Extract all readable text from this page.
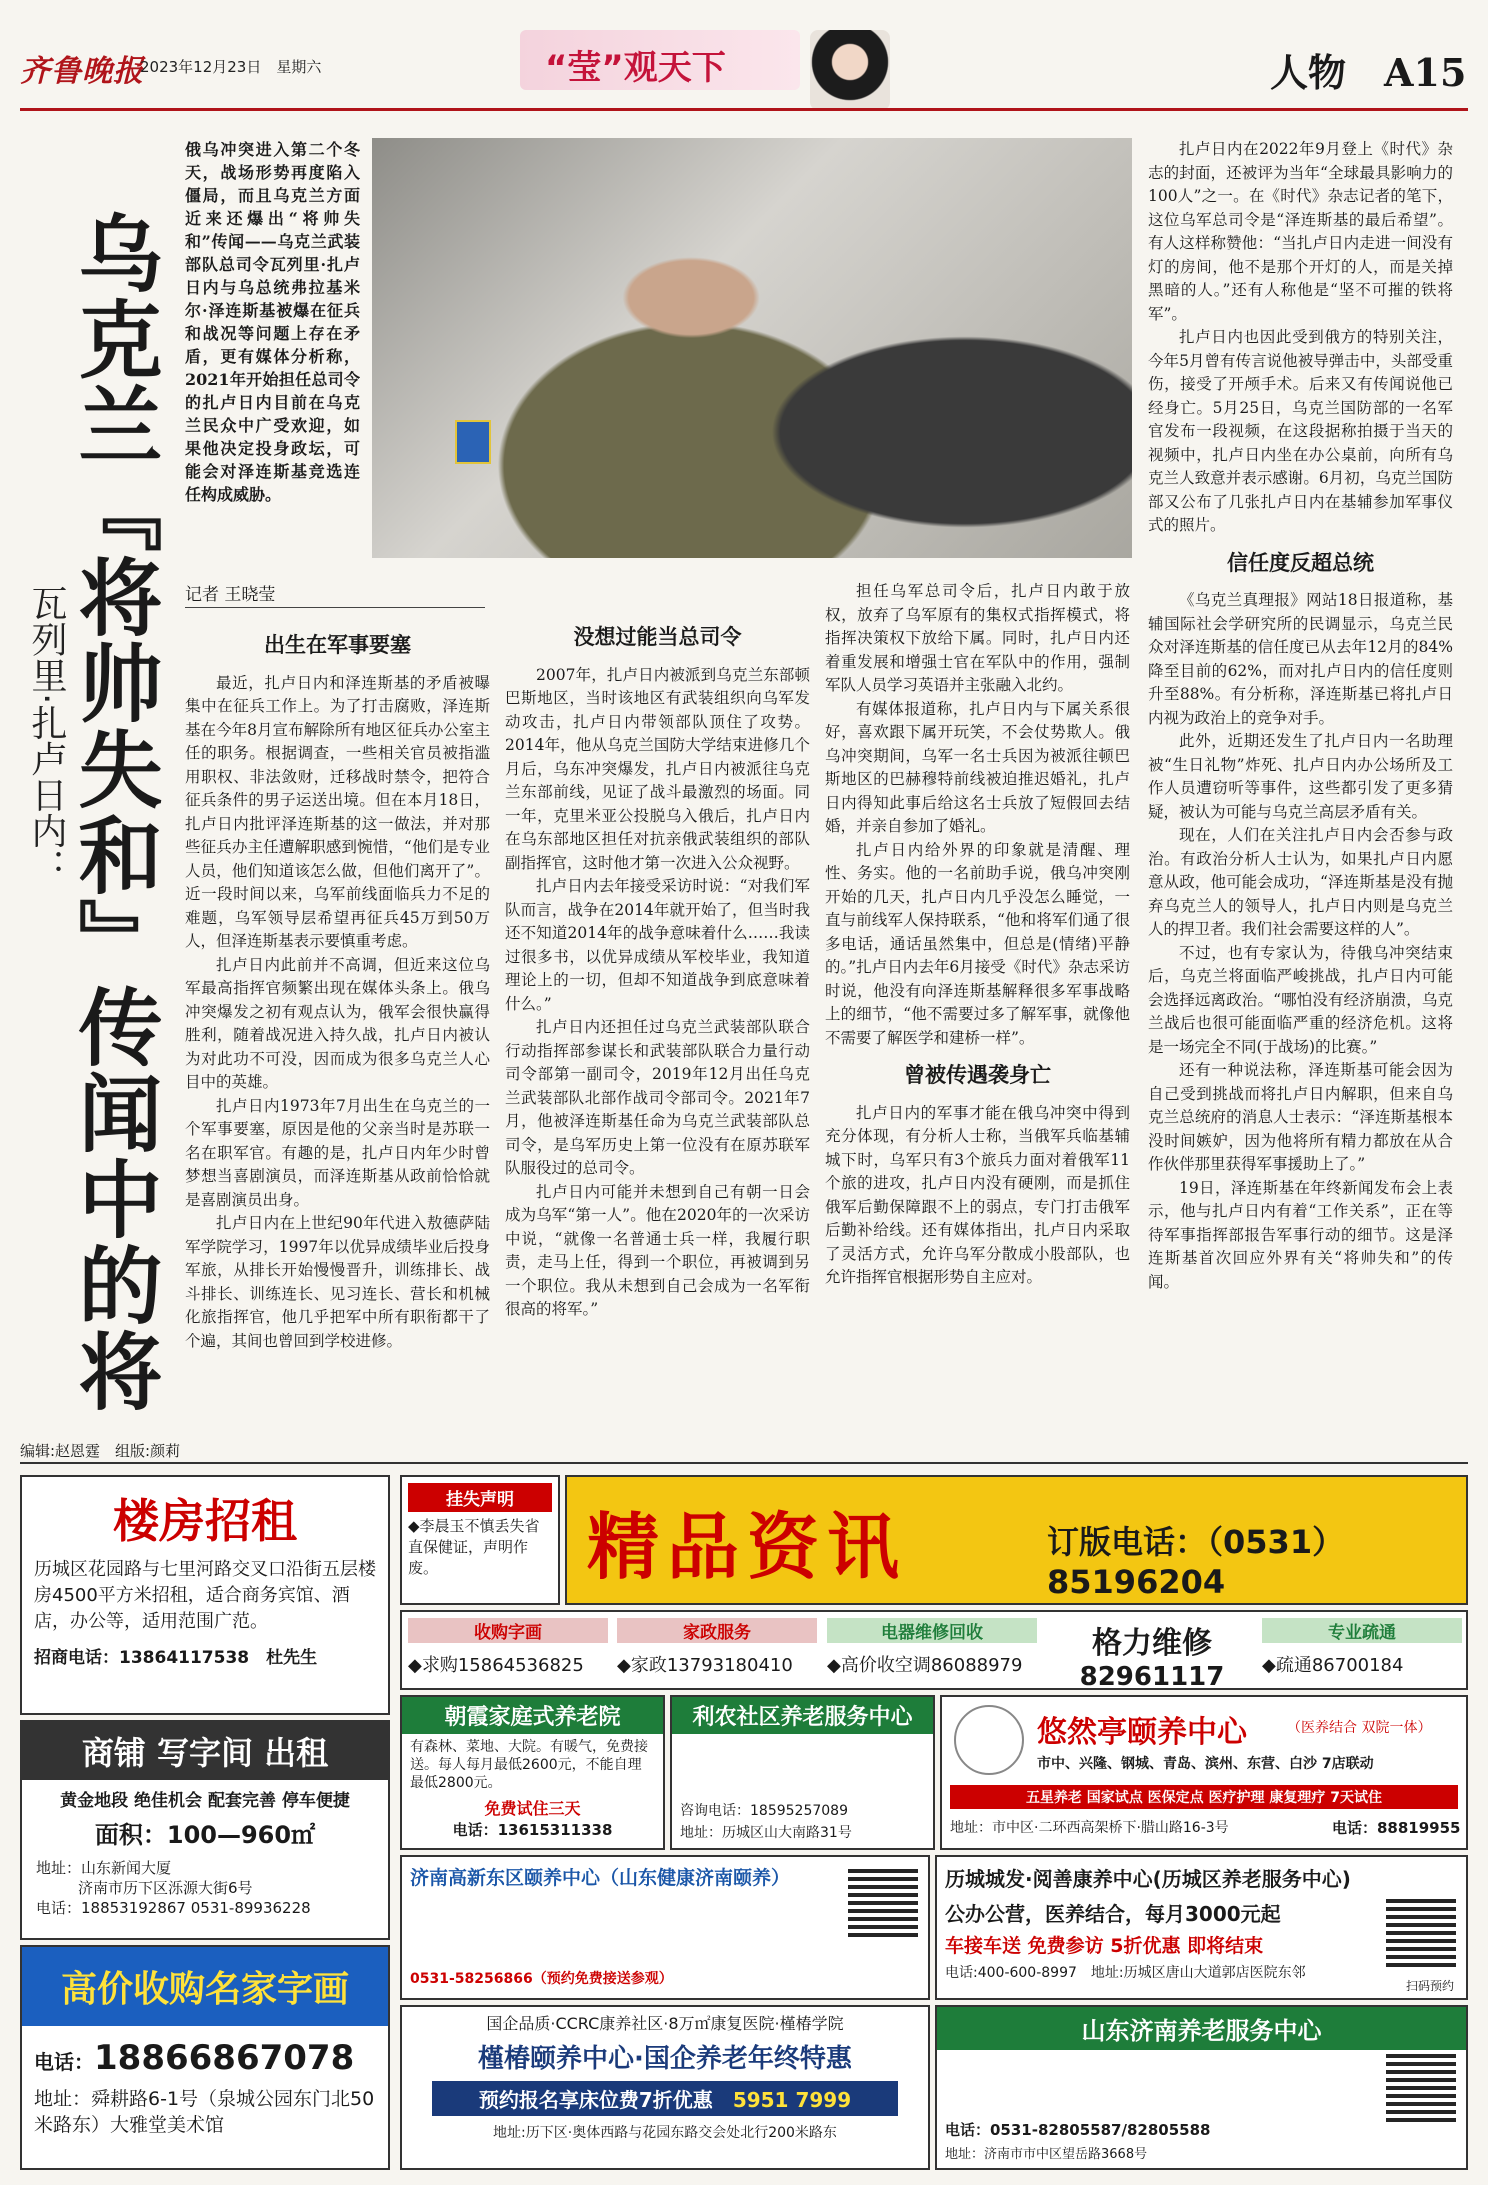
齐鲁晚报
2023年12月23日　 星期六	“莹”观天下	人物　 A15
乌克兰『将帅失和』传闻中的将
瓦列里·扎卢日内：
俄乌冲突进入第二个冬天，战场形势再度陷入僵局，而且乌克兰方面近来还爆出“将帅失和”传闻——乌克兰武装部队总司令瓦列里·扎卢日内与乌总统弗拉基米尔·泽连斯基被爆在征兵和战况等问题上存在矛盾，更有媒体分析称，2021年开始担任总司令的扎卢日内目前在乌克兰民众中广受欢迎，如果他决定投身政坛，可能会对泽连斯基竞选连任构成威胁。
记者 王晓莹
出生在军事要塞

最近，扎卢日内和泽连斯基的矛盾被曝集中在征兵工作上。为了打击腐败，泽连斯基在今年8月宣布解除所有地区征兵办公室主任的职务。根据调查，一些相关官员被指滥用职权、非法敛财，迁移战时禁令，把符合征兵条件的男子运送出境。但在本月18日，扎卢日内批评泽连斯基的这一做法，并对那些征兵办主任遭解职感到惋惜，“他们是专业人员，他们知道该怎么做，但他们离开了”。近一段时间以来，乌军前线面临兵力不足的难题，乌军领导层希望再征兵45万到50万人，但泽连斯基表示要慎重考虑。

扎卢日内此前并不高调，但近来这位乌军最高指挥官频繁出现在媒体头条上。俄乌冲突爆发之初有观点认为，俄军会很快赢得胜利，随着战况进入持久战，扎卢日内被认为对此功不可没，因而成为很多乌克兰人心目中的英雄。

扎卢日内1973年7月出生在乌克兰的一个军事要塞，原因是他的父亲当时是苏联一名在职军官。有趣的是，扎卢日内年少时曾梦想当喜剧演员，而泽连斯基从政前恰恰就是喜剧演员出身。

扎卢日内在上世纪90年代进入敖德萨陆军学院学习，1997年以优异成绩毕业后投身军旅，从排长开始慢慢晋升，训练排长、战斗排长、训练连长、见习连长、营长和机械化旅指挥官，他几乎把军中所有职衔都干了个遍，其间也曾回到学校进修。

没想过能当总司令

2007年，扎卢日内被派到乌克兰东部顿巴斯地区，当时该地区有武装组织向乌军发动攻击，扎卢日内带领部队顶住了攻势。2014年，他从乌克兰国防大学结束进修几个月后，乌东冲突爆发，扎卢日内被派往乌克兰东部前线，见证了战斗最激烈的场面。同一年，克里米亚公投脱乌入俄后，扎卢日内在乌东部地区担任对抗亲俄武装组织的部队副指挥官，这时他才第一次进入公众视野。

扎卢日内去年接受采访时说：“对我们军队而言，战争在2014年就开始了，但当时我还不知道2014年的战争意味着什么……我读过很多书，以优异成绩从军校毕业，我知道理论上的一切，但却不知道战争到底意味着什么。”

扎卢日内还担任过乌克兰武装部队联合行动指挥部参谋长和武装部队联合力量行动司令部第一副司令，2019年12月出任乌克兰武装部队北部作战司令部司令。2021年7月，他被泽连斯基任命为乌克兰武装部队总司令，是乌军历史上第一位没有在原苏联军队服役过的总司令。

扎卢日内可能并未想到自己有朝一日会成为乌军“第一人”。他在2020年的一次采访中说，“就像一名普通士兵一样，我履行职责，走马上任，得到一个职位，再被调到另一个职位。我从未想到自己会成为一名军衔很高的将军。”

担任乌军总司令后，扎卢日内敢于放权，放弃了乌军原有的集权式指挥模式，将指挥决策权下放给下属。同时，扎卢日内还着重发展和增强士官在军队中的作用，强制军队人员学习英语并主张融入北约。

有媒体报道称，扎卢日内与下属关系很好，喜欢跟下属开玩笑，不会仗势欺人。俄乌冲突期间，乌军一名士兵因为被派往顿巴斯地区的巴赫穆特前线被迫推迟婚礼，扎卢日内得知此事后给这名士兵放了短假回去结婚，并亲自参加了婚礼。

扎卢日内给外界的印象就是清醒、理性、务实。他的一名前助手说，俄乌冲突刚开始的几天，扎卢日内几乎没怎么睡觉，一直与前线军人保持联系，“他和将军们通了很多电话，通话虽然集中，但总是(情绪)平静的。”扎卢日内去年6月接受《时代》杂志采访时说，他没有向泽连斯基解释很多军事战略上的细节，“他不需要过多了解军事，就像他不需要了解医学和建桥一样”。

曾被传遇袭身亡

扎卢日内的军事才能在俄乌冲突中得到充分体现，有分析人士称，当俄军兵临基辅城下时，乌军只有3个旅兵力面对着俄军11个旅的进攻，扎卢日内没有硬刚，而是抓住俄军后勤保障跟不上的弱点，专门打击俄军后勤补给线。还有媒体指出，扎卢日内采取了灵活方式，允许乌军分散成小股部队，也允许指挥官根据形势自主应对。

扎卢日内在2022年9月登上《时代》杂志的封面，还被评为当年“全球最具影响力的100人”之一。在《时代》杂志记者的笔下，这位乌军总司令是“泽连斯基的最后希望”。有人这样称赞他：“当扎卢日内走进一间没有灯的房间，他不是那个开灯的人，而是关掉黑暗的人。”还有人称他是“坚不可摧的铁将军”。

扎卢日内也因此受到俄方的特别关注，今年5月曾有传言说他被导弹击中，头部受重伤，接受了开颅手术。后来又有传闻说他已经身亡。5月25日，乌克兰国防部的一名军官发布一段视频，在这段据称拍摄于当天的视频中，扎卢日内坐在办公桌前，向所有乌克兰人致意并表示感谢。6月初，乌克兰国防部又公布了几张扎卢日内在基辅参加军事仪式的照片。

信任度反超总统

《乌克兰真理报》网站18日报道称，基辅国际社会学研究所的民调显示，乌克兰民众对泽连斯基的信任度已从去年12月的84%降至目前的62%，而对扎卢日内的信任度则升至88%。有分析称，泽连斯基已将扎卢日内视为政治上的竞争对手。

此外，近期还发生了扎卢日内一名助理被“生日礼物”炸死、扎卢日内办公场所及工作人员遭窃听等事件，这些都引发了更多猜疑，被认为可能与乌克兰高层矛盾有关。

现在，人们在关注扎卢日内会否参与政治。有政治分析人士认为，如果扎卢日内愿意从政，他可能会成功，“泽连斯基是没有抛弃乌克兰人的领导人，扎卢日内则是乌克兰人的捍卫者。我们社会需要这样的人”。

不过，也有专家认为，待俄乌冲突结束后，乌克兰将面临严峻挑战，扎卢日内可能会选择远离政治。“哪怕没有经济崩溃，乌克兰战后也很可能面临严重的经济危机。这将是一场完全不同(于战场)的比赛。”

还有一种说法称，泽连斯基可能会因为自己受到挑战而将扎卢日内解职，但来自乌克兰总统府的消息人士表示：“泽连斯基根本没时间嫉妒，因为他将所有精力都放在从合作伙伴那里获得军事援助上了。”

19日，泽连斯基在年终新闻发布会上表示，他与扎卢日内有着“工作关系”，正在等待军事指挥部报告军事行动的细节。这是泽连斯基首次回应外界有关“将帅失和”的传闻。

编辑:赵恩霆　组版:颜莉
楼房招租
历城区花园路与七里河路交叉口沿街五层楼房4500平方米招租，适合商务宾馆、酒店，办公等，适用范围广范。
招商电话：13864117538　 杜先生
商铺 写字间 出租
黄金地段 绝佳机会 配套完善 停车便捷
面积：100—960㎡
地址：山东新闻大厦
济南市历下区泺源大街6号
电话：18853192867 0531-89936228
高价收购名家字画
电话：18866867078
地址：舜耕路6-1号（泉城公园东门北50米路东）大雅堂美术馆
挂失声明
◆李晨玉不慎丢失省直保健证，声明作废。	精品资讯	订版电话：（0531）85196204
收购字画
◆求购15864536825
家政服务
◆家政13793180410
电器维修回收
◆高价收空调86088979
格力维修
82961117
专业疏通
◆疏通86700184
朝霞家庭式养老院
有森林、菜地、大院。有暖气，免费接送。每人每月最低2600元，不能自理最低2800元。
免费试住三天
电话：13615311338
利农社区养老服务中心
咨询电话：18595257089
地址：历城区山大南路31号
悠然亭颐养中心	（医养结合 双院一体）
市中、兴隆、钢城、青岛、滨州、东营、白沙 7店联动
五星养老 国家试点 医保定点 医疗护理 康复理疗 7天试住
地址：市中区·二环西高架桥下·腊山路16-3号	电话：88819955
济南高新东区颐养中心（山东健康济南颐养）
0531-58256866（预约免费接送参观）
历城城发·阅善康养中心(历城区养老服务中心)
公办公营，医养结合，每月3000元起
车接车送 免费参访 5折优惠 即将结束
电话:400-600-8997　 地址:历城区唐山大道郭店医院东邻
扫码预约
国企品质·CCRC康养社区·8万㎡康复医院·槿椿学院
槿椿颐养中心·国企养老年终特惠
预约报名享床位费7折优惠　 5951 7999
地址:历下区·奥体西路与花园东路交会处北行200米路东
山东济南养老服务中心
电话：0531-82805587/82805588
地址：济南市市中区望岳路3668号
